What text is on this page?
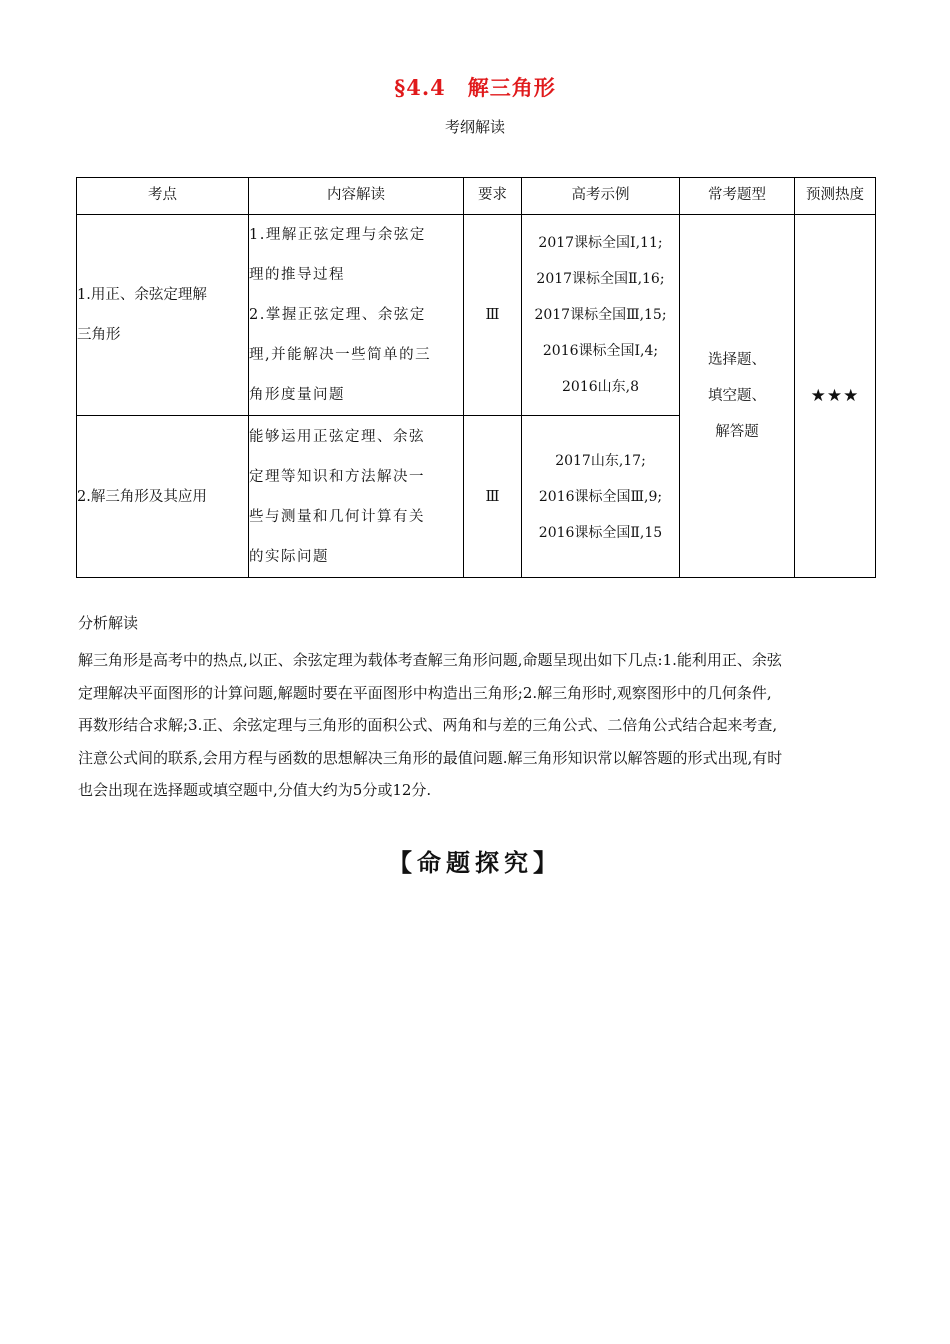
§4.4　解三角形
考纲解读
考点	内容解读	要求	高考示例	常考题型	预测热度

1.用正、余弦定理解
三角形	1.理解正弦定理与余弦定
理的推导过程
2.掌握正弦定理、余弦定
理,并能解决一些简单的三
角形度量问题	Ⅲ	2017课标全国Ⅰ,11;
2017课标全国Ⅱ,16;
2017课标全国Ⅲ,15;
2016课标全国Ⅰ,4;
2016山东,8	选择题、
填空题、
解答题	★★★

2.解三角形及其应用	能够运用正弦定理、余弦
定理等知识和方法解决一
些与测量和几何计算有关
的实际问题	Ⅲ	2017山东,17;
2016课标全国Ⅲ,9;
2016课标全国Ⅱ,15		
分析解读
解三角形是高考中的热点,以正、余弦定理为载体考查解三角形问题,命题呈现出如下几点:1.能利用正、余弦
定理解决平面图形的计算问题,解题时要在平面图形中构造出三角形;2.解三角形时,观察图形中的几何条件,
再数形结合求解;3.正、余弦定理与三角形的面积公式、两角和与差的三角公式、二倍角公式结合起来考查,
注意公式间的联系,会用方程与函数的思想解决三角形的最值问题.解三角形知识常以解答题的形式出现,有时
也会出现在选择题或填空题中,分值大约为5分或12分.
【命题探究】
